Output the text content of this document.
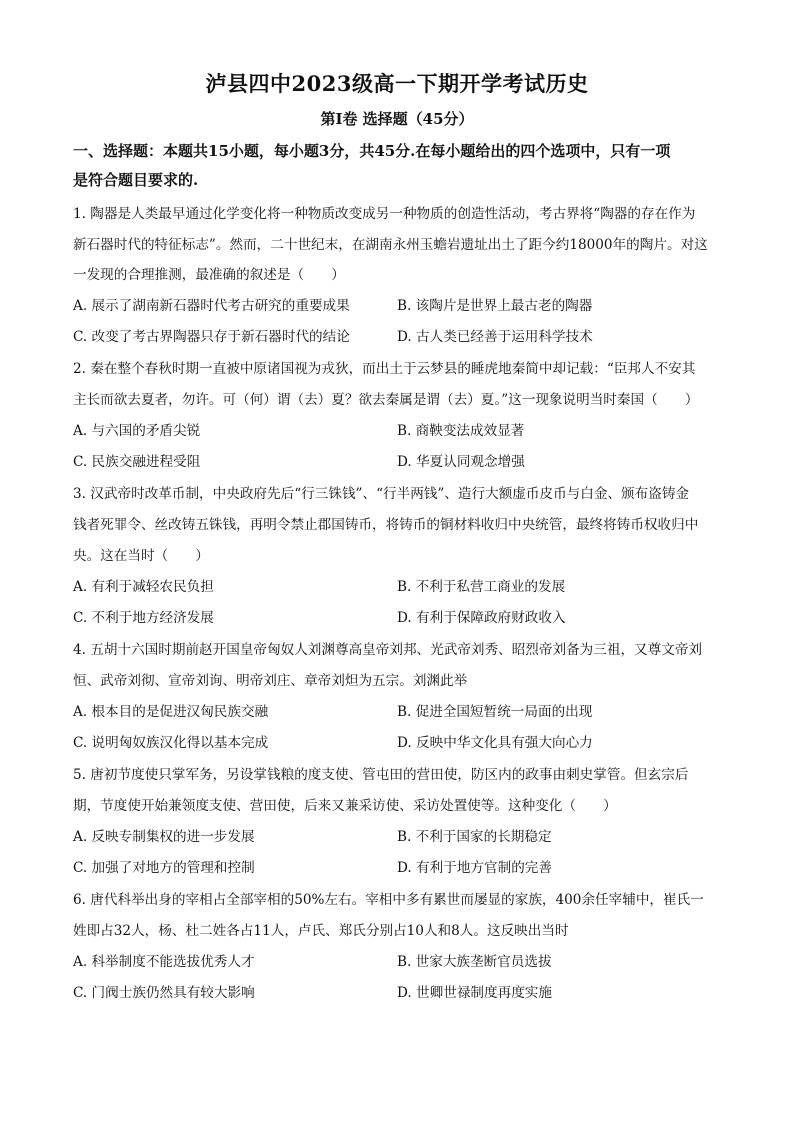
泸县四中2023级高一下期开学考试历史
第Ⅰ卷 选择题（45分）
一、选择题：本题共15小题，每小题3分，共45分.在每小题给出的四个选项中，只有一项
是符合题目要求的.
1. 陶器是人类最早通过化学变化将一种物质改变成另一种物质的创造性活动，考古界将“陶器的存在作为
新石器时代的特征标志”。然而，二十世纪末，在湖南永州玉蟾岩遗址出土了距今约18000年的陶片。对这
一发现的合理推测，最准确的叙述是（　　）
A. 展示了湖南新石器时代考古研究的重要成果	B. 该陶片是世界上最古老的陶器
C. 改变了考古界陶器只存于新石器时代的结论	D. 古人类已经善于运用科学技术
2. 秦在整个春秋时期一直被中原诸国视为戎狄，而出土于云梦县的睡虎地秦简中却记载：“臣邦人不安其
主长而欲去夏者，勿许。可（何）谓（去）夏？欲去秦属是谓（去）夏。”这一现象说明当时秦国（　　）
A. 与六国的矛盾尖锐	B. 商鞅变法成效显著
C. 民族交融进程受阻	D. 华夏认同观念增强
3. 汉武帝时改革币制，中央政府先后“行三铢钱”、“行半两钱”、造行大额虚币皮币与白金、颁布盗铸金
钱者死罪令、丝改铸五铢钱，再明令禁止郡国铸币，将铸币的铜材料收归中央统管，最终将铸币权收归中
央。这在当时（　　）
A. 有利于减轻农民负担	B. 不利于私营工商业的发展
C. 不利于地方经济发展	D. 有利于保障政府财政收入
4. 五胡十六国时期前赵开国皇帝匈奴人刘渊尊高皇帝刘邦、光武帝刘秀、昭烈帝刘备为三祖，又尊文帝刘
恒、武帝刘彻、宣帝刘询、明帝刘庄、章帝刘炟为五宗。刘渊此举
A. 根本目的是促进汉匈民族交融	B. 促进全国短暂统一局面的出现
C. 说明匈奴族汉化得以基本完成	D. 反映中华文化具有强大向心力
5. 唐初节度使只掌军务，另设掌钱粮的度支使、管屯田的营田使，防区内的政事由刺史掌管。但玄宗后
期，节度使开始兼领度支使、营田使，后来又兼采访使、采访处置使等。这种变化（　　）
A. 反映专制集权的进一步发展	B. 不利于国家的长期稳定
C. 加强了对地方的管理和控制	D. 有利于地方官制的完善
6. 唐代科举出身的宰相占全部宰相的50%左右。宰相中多有累世而屡显的家族，400余任宰辅中，崔氏一
姓即占32人，杨、杜二姓各占11人，卢氏、郑氏分别占10人和8人。这反映出当时
A. 科举制度不能选拔优秀人才	B. 世家大族垄断官员选拔
C. 门阀士族仍然具有较大影响	D. 世卿世禄制度再度实施
